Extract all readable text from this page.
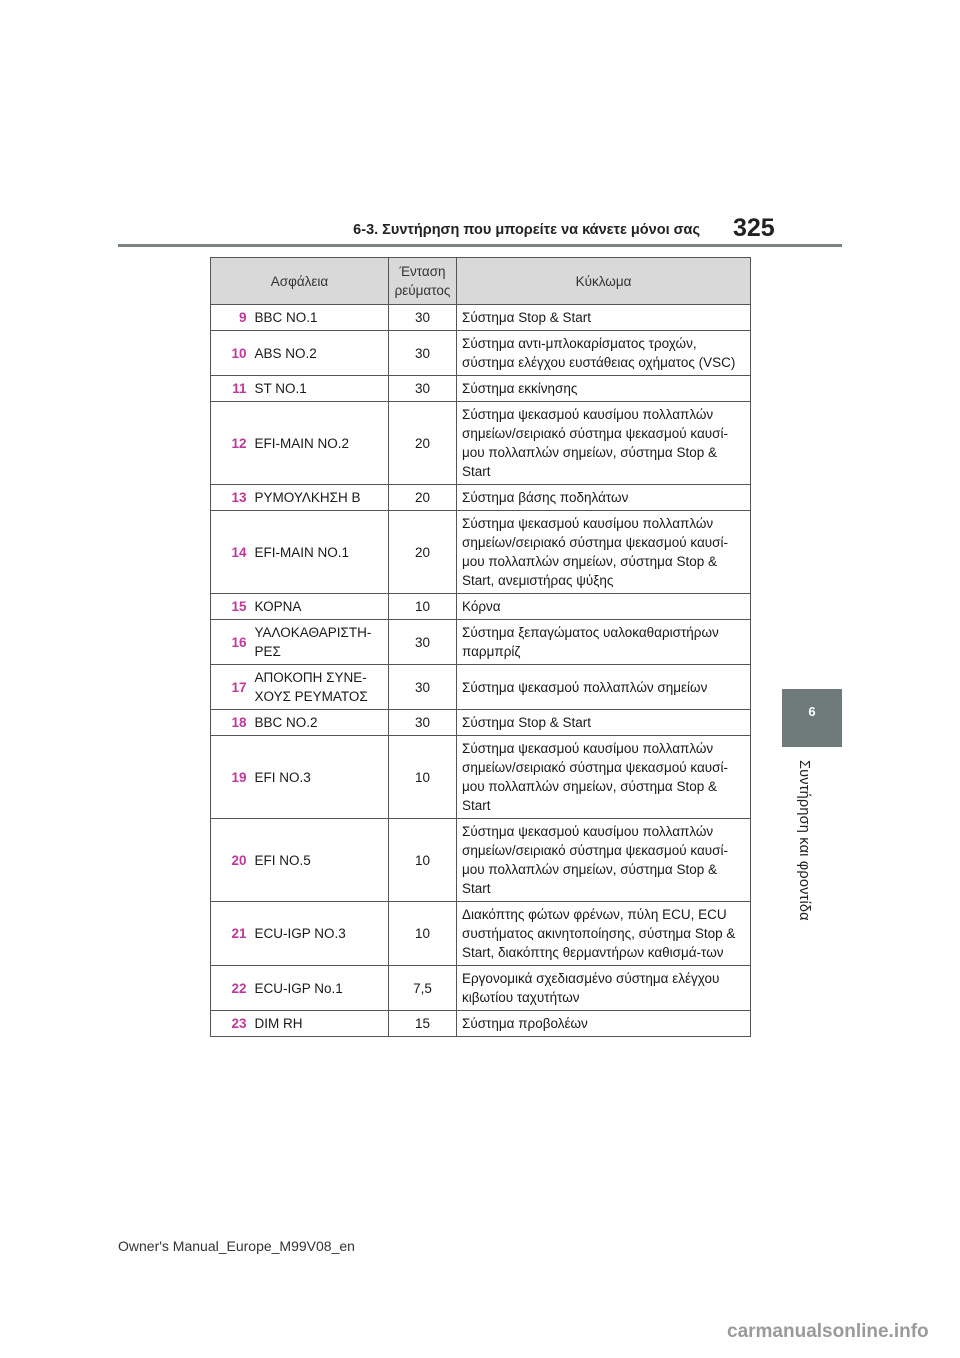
6-3. Συντήρηση που μπορείτε να κάνετε μόνοι σας 325
6
Συντήρηση και φροντίδα
Ασφάλεια		Ένταση ρεύματος	Κύκλωμα
9	BBC NO.1	30	Σύστημα Stop & Start
10	ABS NO.2	30	Σύστημα αντι-μπλοκαρίσματος τροχών, σύστημα ελέγχου ευστάθειας οχήματος (VSC)
11	ST NO.1	30	Σύστημα εκκίνησης
12	EFI-MAIN NO.2	20	Σύστημα ψεκασμού καυσίμου πολλαπλών σημείων/σειριακό σύστημα ψεκασμού καυσί-μου πολλαπλών σημείων, σύστημα Stop & Start
13	ΡΥΜΟΥΛΚΗΣΗ B	20	Σύστημα βάσης ποδηλάτων
14	EFI-MAIN NO.1	20	Σύστημα ψεκασμού καυσίμου πολλαπλών σημείων/σειριακό σύστημα ψεκασμού καυσί-μου πολλαπλών σημείων, σύστημα Stop & Start, ανεμιστήρας ψύξης
15	ΚΟΡΝΑ	10	Κόρνα
16	ΥΑΛΟΚΑΘΑΡΙΣΤΗ-ΡΕΣ	30	Σύστημα ξεπαγώματος υαλοκαθαριστήρων παρμπρίζ
17	ΑΠΟΚΟΠΗ ΣΥΝΕ-ΧΟΥΣ ΡΕΥΜΑΤΟΣ	30	Σύστημα ψεκασμού πολλαπλών σημείων
18	BBC NO.2	30	Σύστημα Stop & Start
19	EFI NO.3	10	Σύστημα ψεκασμού καυσίμου πολλαπλών σημείων/σειριακό σύστημα ψεκασμού καυσί-μου πολλαπλών σημείων, σύστημα Stop & Start
20	EFI NO.5	10	Σύστημα ψεκασμού καυσίμου πολλαπλών σημείων/σειριακό σύστημα ψεκασμού καυσί-μου πολλαπλών σημείων, σύστημα Stop & Start
21	ECU-IGP NO.3	10	Διακόπτης φώτων φρένων, πύλη ECU, ECU συστήματος ακινητοποίησης, σύστημα Stop & Start, διακόπτης θερμαντήρων καθισμά-των
22	ECU-IGP No.1	7,5	Εργονομικά σχεδιασμένο σύστημα ελέγχου κιβωτίου ταχυτήτων
23	DIM RH	15	Σύστημα προβολέων
Owner's Manual_Europe_M99V08_en
carmanualsonline.info
